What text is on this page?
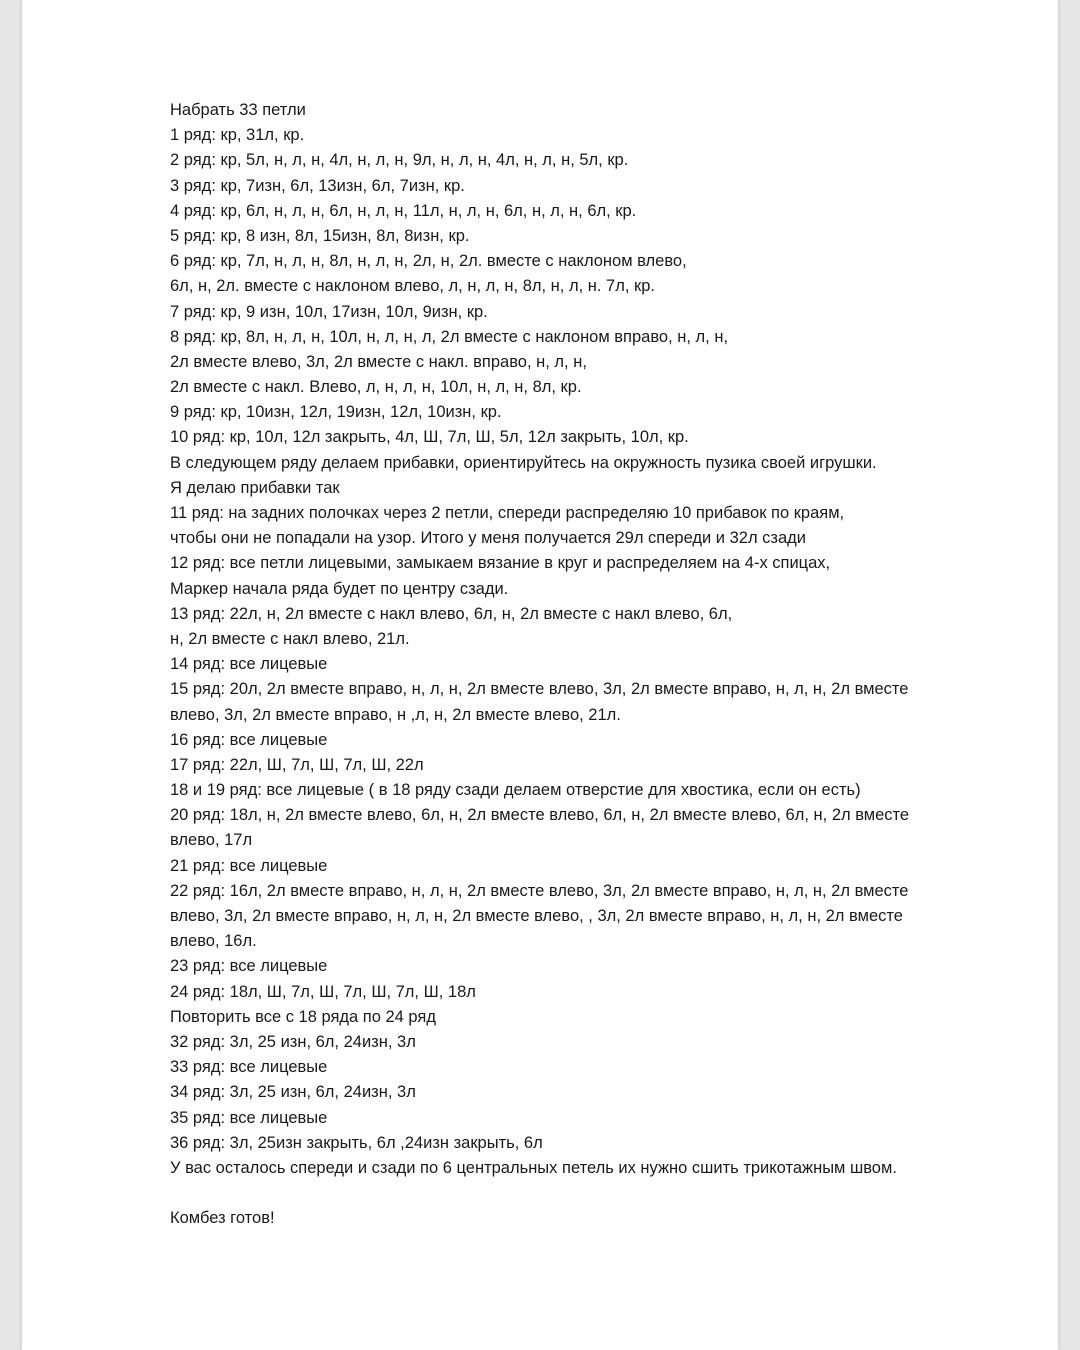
Набрать 33 петли
1 ряд: кр, 31л, кр.
2 ряд: кр, 5л, н, л, н, 4л, н, л, н, 9л, н, л, н, 4л, н, л, н, 5л, кр.
3 ряд: кр, 7изн, 6л, 13изн, 6л, 7изн, кр.
4 ряд: кр, 6л, н, л, н, 6л, н, л, н, 11л, н, л, н, 6л, н, л, н, 6л, кр.
5 ряд: кр, 8 изн, 8л, 15изн, 8л, 8изн, кр.
6 ряд: кр, 7л, н, л, н, 8л, н, л, н, 2л, н, 2л. вместе с наклоном влево,
6л, н, 2л. вместе с наклоном влево, л, н, л, н, 8л, н, л, н. 7л, кр.
7 ряд: кр, 9 изн, 10л, 17изн, 10л, 9изн, кр.
8 ряд: кр, 8л, н, л, н, 10л, н, л, н, л, 2л вместе с наклоном вправо, н, л, н,
2л вместе влево, 3л, 2л вместе с накл. вправо, н, л, н,
2л вместе с накл. Влево, л, н, л, н, 10л, н, л, н, 8л, кр.
9 ряд: кр, 10изн, 12л, 19изн, 12л, 10изн, кр.
10 ряд: кр, 10л, 12л закрыть, 4л, Ш, 7л, Ш, 5л, 12л закрыть, 10л, кр.
В следующем ряду делаем прибавки, ориентируйтесь на окружность пузика своей игрушки.
Я делаю прибавки так
11 ряд: на задних полочках через 2 петли, спереди распределяю 10 прибавок по краям,
чтобы они не попадали на узор. Итого у меня получается 29л спереди и 32л сзади
12 ряд: все петли лицевыми, замыкаем вязание в круг и распределяем на 4-х спицах,
Маркер начала ряда будет по центру сзади.
13 ряд: 22л, н, 2л вместе с накл влево, 6л, н, 2л вместе с накл влево, 6л,
н, 2л вместе с накл влево, 21л.
14 ряд: все лицевые
15 ряд: 20л, 2л вместе вправо, н, л, н, 2л вместе влево, 3л, 2л вместе вправо, н, л, н, 2л вместе
влево, 3л, 2л вместе вправо, н ,л, н, 2л вместе влево, 21л.
16 ряд: все лицевые
17 ряд: 22л, Ш, 7л, Ш, 7л, Ш, 22л
18 и 19 ряд: все лицевые ( в 18 ряду сзади делаем отверстие для хвостика, если он есть)
20 ряд: 18л, н, 2л вместе влево, 6л, н, 2л вместе влево, 6л, н, 2л вместе влево, 6л, н, 2л вместе
влево, 17л
21 ряд: все лицевые
22 ряд: 16л, 2л вместе вправо, н, л, н, 2л вместе влево, 3л, 2л вместе вправо, н, л, н, 2л вместе
влево, 3л, 2л вместе вправо, н, л, н, 2л вместе влево, , 3л, 2л вместе вправо, н, л, н, 2л вместе
влево, 16л.
23 ряд: все лицевые
24 ряд: 18л, Ш, 7л, Ш, 7л, Ш, 7л, Ш, 18л
Повторить все с 18 ряда по 24 ряд
32 ряд: 3л, 25 изн, 6л, 24изн, 3л
33 ряд: все лицевые
34 ряд: 3л, 25 изн, 6л, 24изн, 3л
35 ряд: все лицевые
36 ряд: 3л, 25изн закрыть, 6л ,24изн закрыть, 6л
У вас осталось спереди и сзади по 6 центральных петель их нужно сшить трикотажным швом.
Комбез готов!
